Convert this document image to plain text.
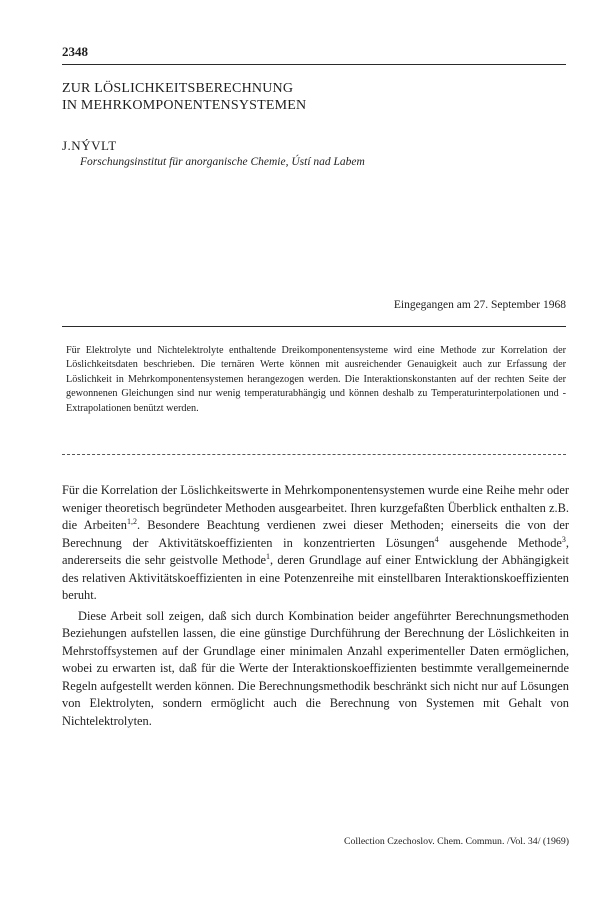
2348
ZUR LÖSLICHKEITSBERECHNUNG
IN MEHRKOMPONENTENSYSTEMEN
J.NÝVLT
Forschungsinstitut für anorganische Chemie, Ústí nad Labem
Eingegangen am 27. September 1968

Für Elektrolyte und Nichtelektrolyte enthaltende Dreikomponentensysteme wird eine Methode zur Korrelation der Löslichkeitsdaten beschrieben. Die ternären Werte können mit ausreichender Genauigkeit auch zur Erfassung der Löslichkeit in Mehrkomponentensystemen herangezogen werden. Die Interaktionskonstanten auf der rechten Seite der gewonnenen Gleichungen sind nur wenig temperaturabhängig und können deshalb zu Temperaturinterpolationen und -Extrapolationen benützt werden.

Für die Korrelation der Löslichkeitswerte in Mehrkomponentensystemen wurde eine Reihe mehr oder weniger theoretisch begründeter Methoden ausgearbeitet. Ihren kurzgefaßten Überblick enthalten z.B. die Arbeiten$^{1,2}$. Besondere Beachtung verdienen zwei dieser Methoden; einerseits die von der Berechnung der Aktivitätskoeffizienten in konzentrierten Lösungen$^4$ ausgehende Methode$^3$, andererseits die sehr geistvolle Methode$^1$, deren Grundlage auf einer Entwicklung der Abhängigkeit des relativen Aktivitätskoeffizienten in eine Potenzenreihe mit einstellbaren Interaktionskoeffizienten beruht.

Diese Arbeit soll zeigen, daß sich durch Kombination beider angeführter Berechnungsmethoden Beziehungen aufstellen lassen, die eine günstige Durchführung der Berechnung der Löslichkeiten in Mehrstoffsystemen auf der Grundlage einer minimalen Anzahl experimenteller Daten ermöglichen, wobei zu erwarten ist, daß für die Werte der Interaktionskoeffizienten bestimmte verallgemeinernde Regeln aufgestellt werden können. Die Berechnungsmethodik beschränkt sich nicht nur auf Lösungen von Elektrolyten, sondern ermöglicht auch die Berechnung von Systemen mit Gehalt von Nichtelektrolyten.

Collection Czechoslov. Chem. Commun. /Vol. 34/ (1969)
